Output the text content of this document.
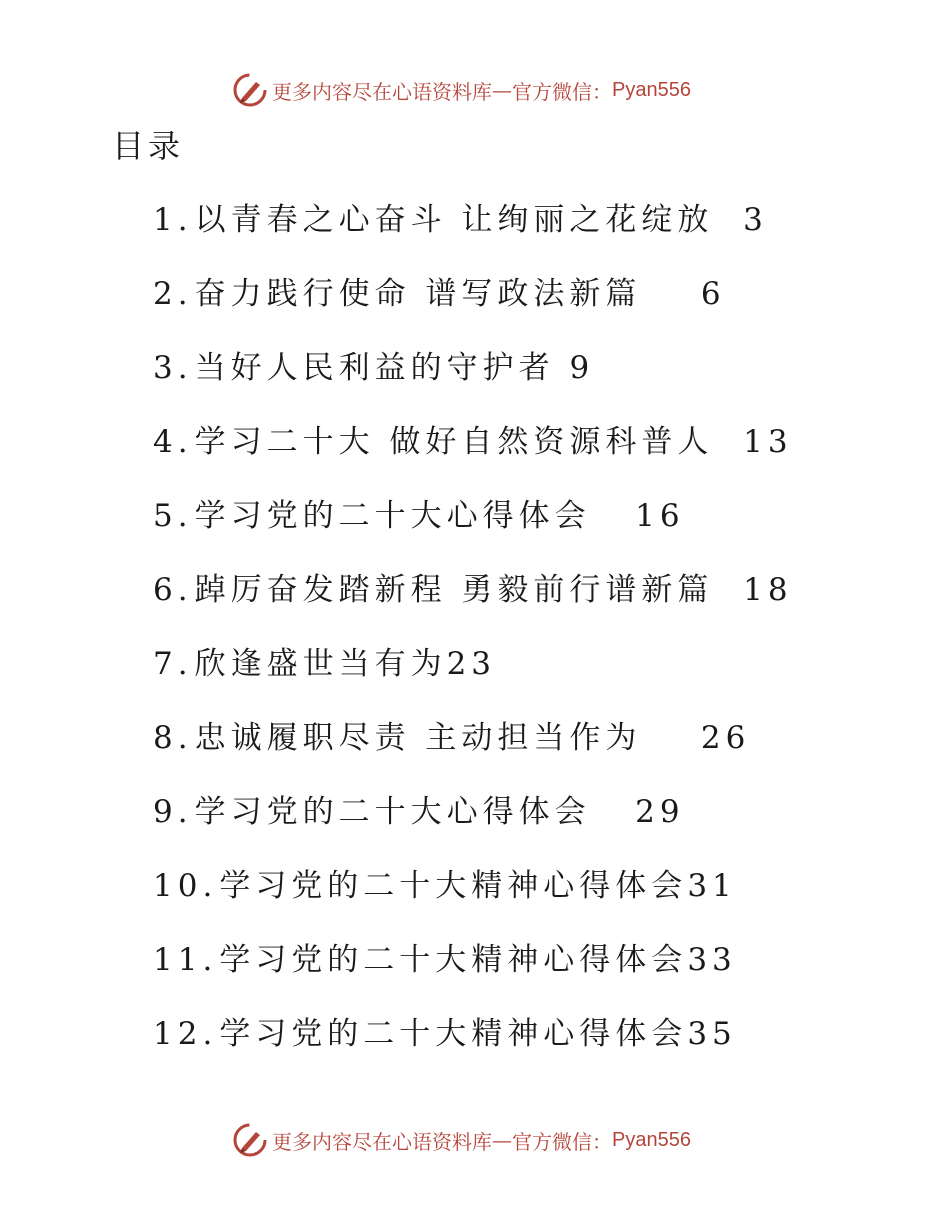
更多内容尽在心语资料库 — 官方微信： Pyan556
目录
1. 以青春之心奋斗 让绚丽之花绽放
3
2. 奋力践行使命 谱写政法新篇
6
3. 当好人民利益的守护者
9
4. 学习二十大 做好自然资源科普人
13
5. 学习党的二十大心得体会
16
6. 踔厉奋发踏新程 勇毅前行谱新篇
18
7. 欣逢盛世当有为 23
8. 忠诚履职尽责 主动担当作为
26
9. 学习党的二十大心得体会
29
10. 学习党的二十大精神心得体会 31
11. 学习党的二十大精神心得体会 33
12. 学习党的二十大精神心得体会 35
更多内容尽在心语资料库 — 官方微信： Pyan556
